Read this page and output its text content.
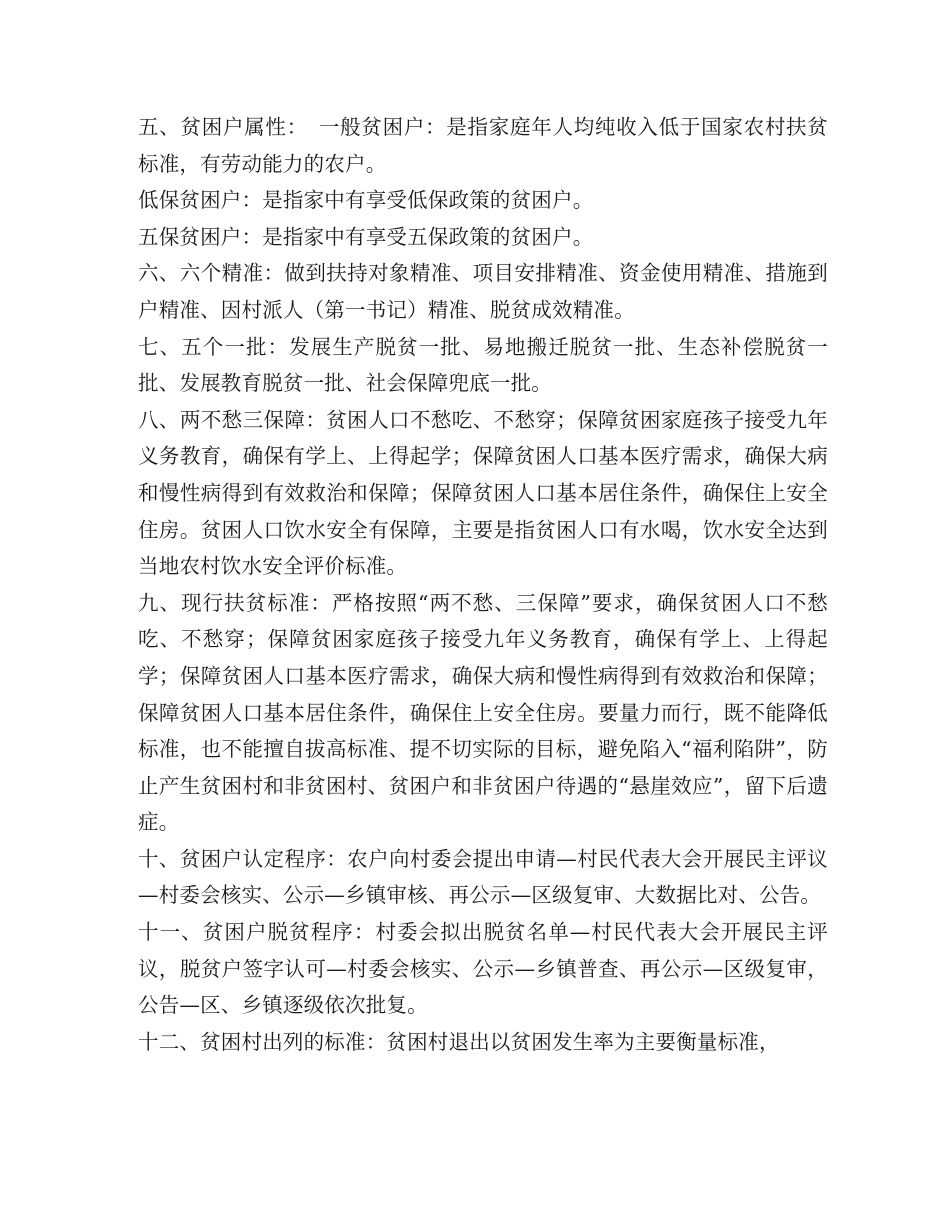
五、贫困户属性：　一般贫困户：是指家庭年人均纯收入低于国家农村扶贫标准，有劳动能力的农户。

低保贫困户：是指家中有享受低保政策的贫困户。

五保贫困户：是指家中有享受五保政策的贫困户。

六、六个精准：做到扶持对象精准、项目安排精准、资金使用精准、措施到户精准、因村派人（第一书记）精准、脱贫成效精准。

七、五个一批：发展生产脱贫一批、易地搬迁脱贫一批、生态补偿脱贫一批、发展教育脱贫一批、社会保障兜底一批。

八、两不愁三保障：贫困人口不愁吃、不愁穿；保障贫困家庭孩子接受九年义务教育，确保有学上、上得起学；保障贫困人口基本医疗需求，确保大病和慢性病得到有效救治和保障；保障贫困人口基本居住条件，确保住上安全住房。贫困人口饮水安全有保障，主要是指贫困人口有水喝，饮水安全达到当地农村饮水安全评价标准。

九、现行扶贫标准：严格按照“两不愁、三保障”要求，确保贫困人口不愁吃、不愁穿；保障贫困家庭孩子接受九年义务教育，确保有学上、上得起学；保障贫困人口基本医疗需求，确保大病和慢性病得到有效救治和保障；保障贫困人口基本居住条件，确保住上安全住房。要量力而行，既不能降低标准，也不能擅自拔高标准、提不切实际的目标，避免陷入“福利陷阱”，防止产生贫困村和非贫困村、贫困户和非贫困户待遇的“悬崖效应”，留下后遗症。

十、贫困户认定程序：农户向村委会提出申请—村民代表大会开展民主评议—村委会核实、公示—乡镇审核、再公示—区级复审、大数据比对、公告。

十一、贫困户脱贫程序：村委会拟出脱贫名单—村民代表大会开展民主评议，脱贫户签字认可—村委会核实、公示—乡镇普查、再公示—区级复审，公告—区、乡镇逐级依次批复。

十二、贫困村出列的标准：贫困村退出以贫困发生率为主要衡量标准，
